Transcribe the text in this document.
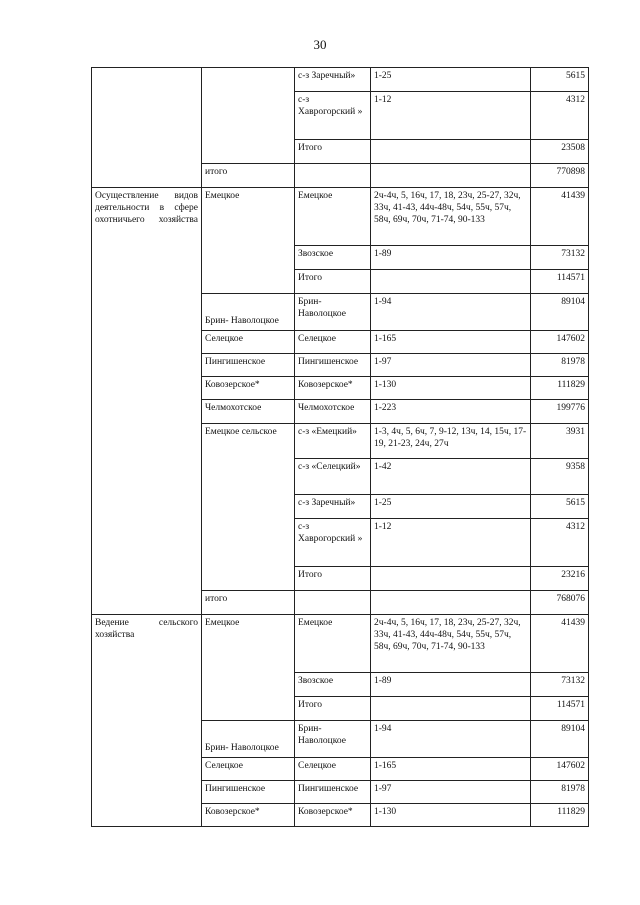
30
		с-з Заречный»	1-25	5615
		с-з Хаврогорский »	1-12	4312
		Итого		23508
	итого			770898
Осуществление видов деятельности в сфере охотничьего хозяйства	Емецкое	Емецкое	2ч-4ч, 5, 16ч, 17, 18, 23ч, 25-27, 32ч, 33ч, 41-43, 44ч-48ч, 54ч, 55ч, 57ч, 58ч, 69ч, 70ч, 71-74, 90-133	41439
		Звозское	1-89	73132
		Итого		114571
	Брин- Наволоцкое	Брин- Наволоцкое	1-94	89104
	Селецкое	Селецкое	1-165	147602
	Пингишенское	Пингишенское	1-97	81978
	Ковозерское*	Ковозерское*	1-130	111829
	Челмохотское	Челмохотское	1-223	199776
	Емецкое сельское	с-з «Емецкий»	1-3, 4ч, 5, 6ч, 7, 9-12, 13ч, 14, 15ч, 17-19, 21-23, 24ч, 27ч	3931
		с-з «Селецкий»	1-42	9358
		с-з Заречный»	1-25	5615
		с-з Хаврогорский »	1-12	4312
		Итого		23216
	итого			768076
Ведение сельского хозяйства	Емецкое	Емецкое	2ч-4ч, 5, 16ч, 17, 18, 23ч, 25-27, 32ч, 33ч, 41-43, 44ч-48ч, 54ч, 55ч, 57ч, 58ч, 69ч, 70ч, 71-74, 90-133	41439
		Звозское	1-89	73132
		Итого		114571
	Брин- Наволоцкое	Брин- Наволоцкое	1-94	89104
	Селецкое	Селецкое	1-165	147602
	Пингишенское	Пингишенское	1-97	81978
	Ковозерское*	Ковозерское*	1-130	111829
